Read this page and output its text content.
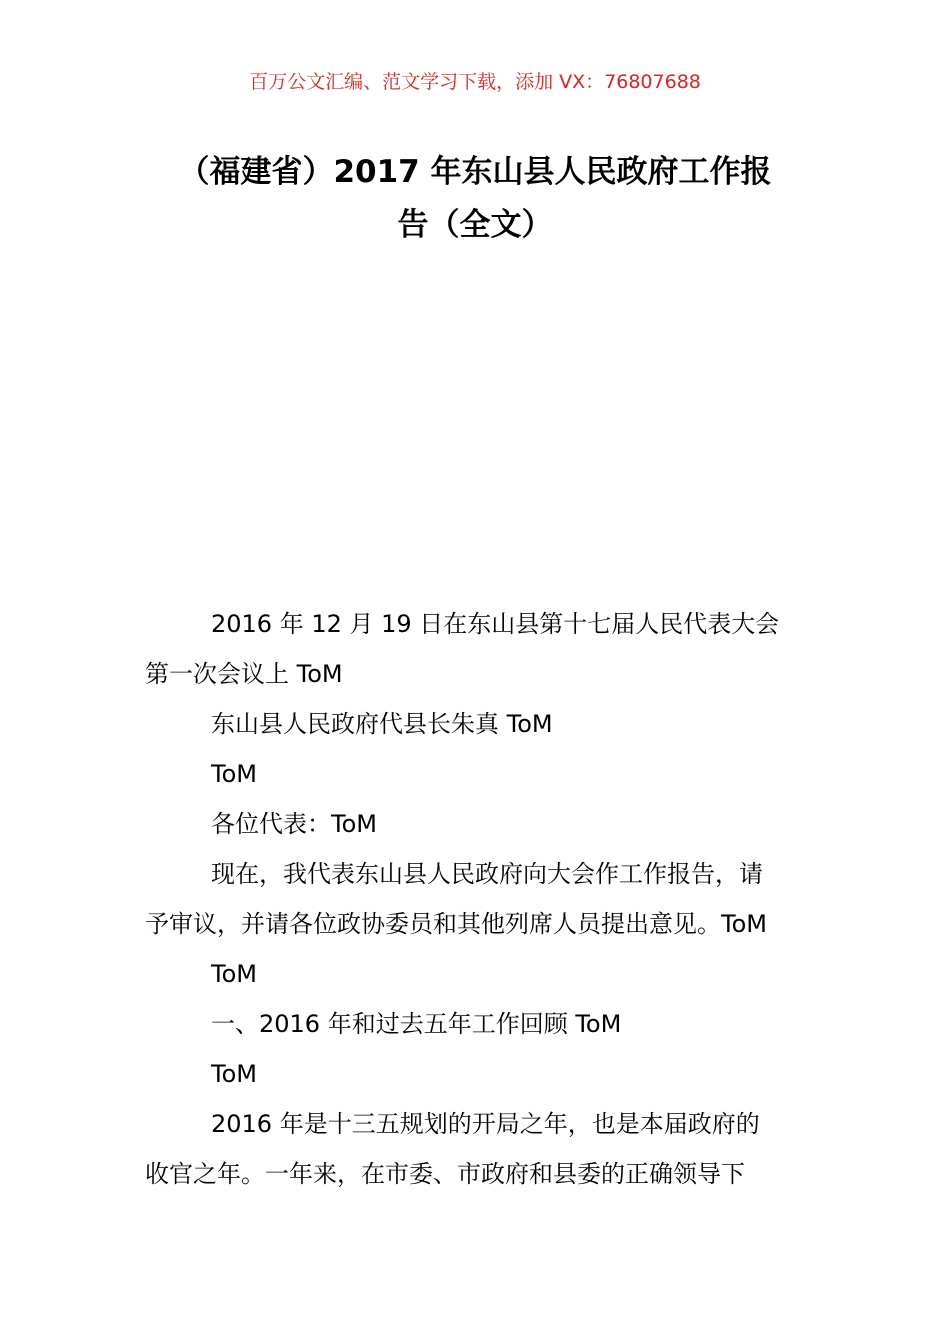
百万公文汇编、范文学习下载，添加 VX：76807688
（福建省）2017 年东山县人民政府工作报
告（全文）

2016 年 12 月 19 日在东山县第十七届人民代表大会
第一次会议上 ToM

东山县人民政府代县长朱真 ToM

ToM

各位代表：ToM

现在，我代表东山县人民政府向大会作工作报告，请
予审议，并请各位政协委员和其他列席人员提出意见。ToM

ToM

一、2016 年和过去五年工作回顾 ToM

ToM

2016 年是十三五规划的开局之年，也是本届政府的
收官之年。一年来，在市委、市政府和县委的正确领导下
